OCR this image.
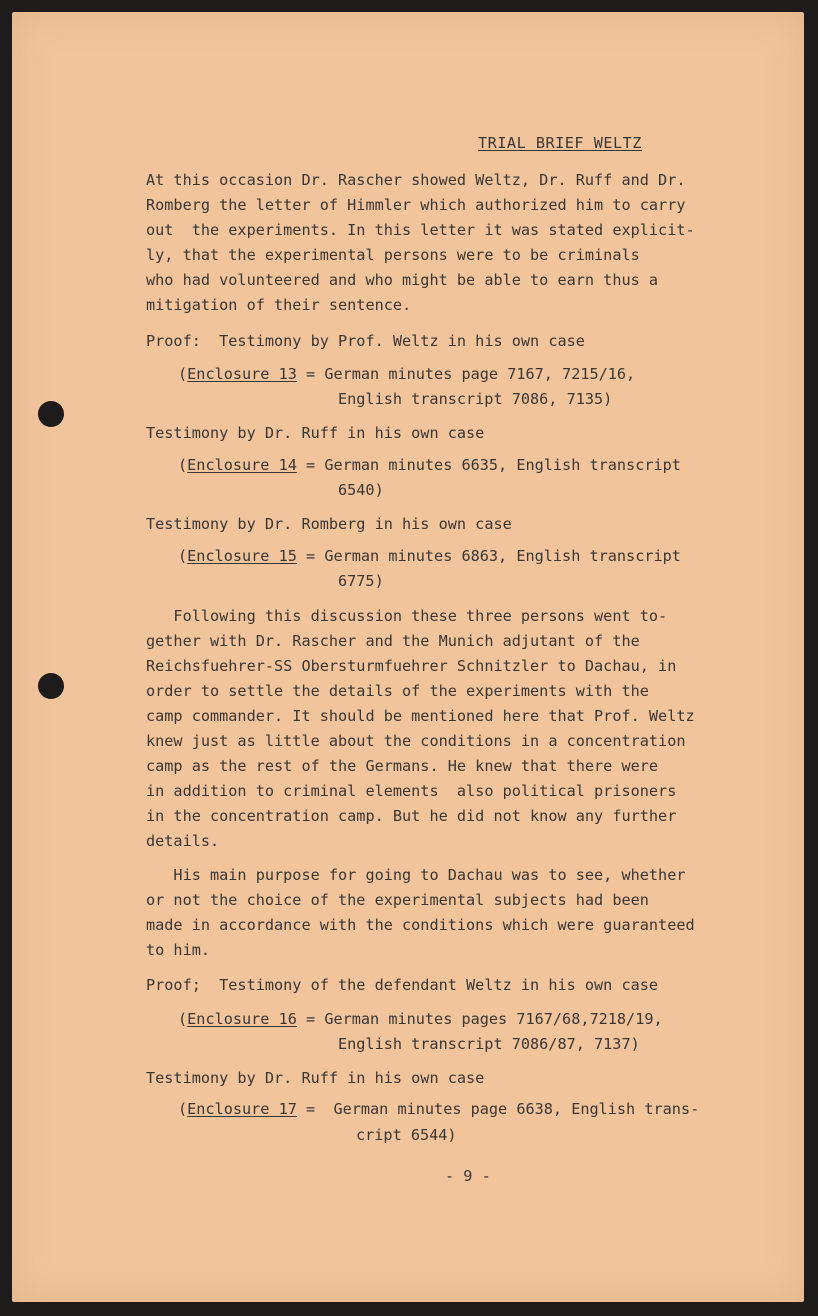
TRIAL BRIEF WELTZ
At this occasion Dr. Rascher showed Weltz, Dr. Ruff and Dr.
Romberg the letter of Himmler which authorized him to carry
out  the experiments. In this letter it was stated explicit-
ly, that the experimental persons were to be criminals
who had volunteered and who might be able to earn thus a
mitigation of their sentence.
Proof:  Testimony by Prof. Weltz in his own case
(Enclosure 13 = German minutes page 7167, 7215/16,
English transcript 7086, 7135)
Testimony by Dr. Ruff in his own case
(Enclosure 14 = German minutes 6635, English transcript
6540)
Testimony by Dr. Romberg in his own case
(Enclosure 15 = German minutes 6863, English transcript
6775)
Following this discussion these three persons went to-
gether with Dr. Rascher and the Munich adjutant of the
Reichsfuehrer-SS Obersturmfuehrer Schnitzler to Dachau, in
order to settle the details of the experiments with the
camp commander. It should be mentioned here that Prof. Weltz
knew just as little about the conditions in a concentration
camp as the rest of the Germans. He knew that there were
in addition to criminal elements  also political prisoners
in the concentration camp. But he did not know any further
details.
His main purpose for going to Dachau was to see, whether
or not the choice of the experimental subjects had been
made in accordance with the conditions which were guaranteed
to him.
Proof;  Testimony of the defendant Weltz in his own case
(Enclosure 16 = German minutes pages 7167/68,7218/19,
English transcript 7086/87, 7137)
Testimony by Dr. Ruff in his own case
(Enclosure 17 =  German minutes page 6638, English trans-
cript 6544)
- 9 -
